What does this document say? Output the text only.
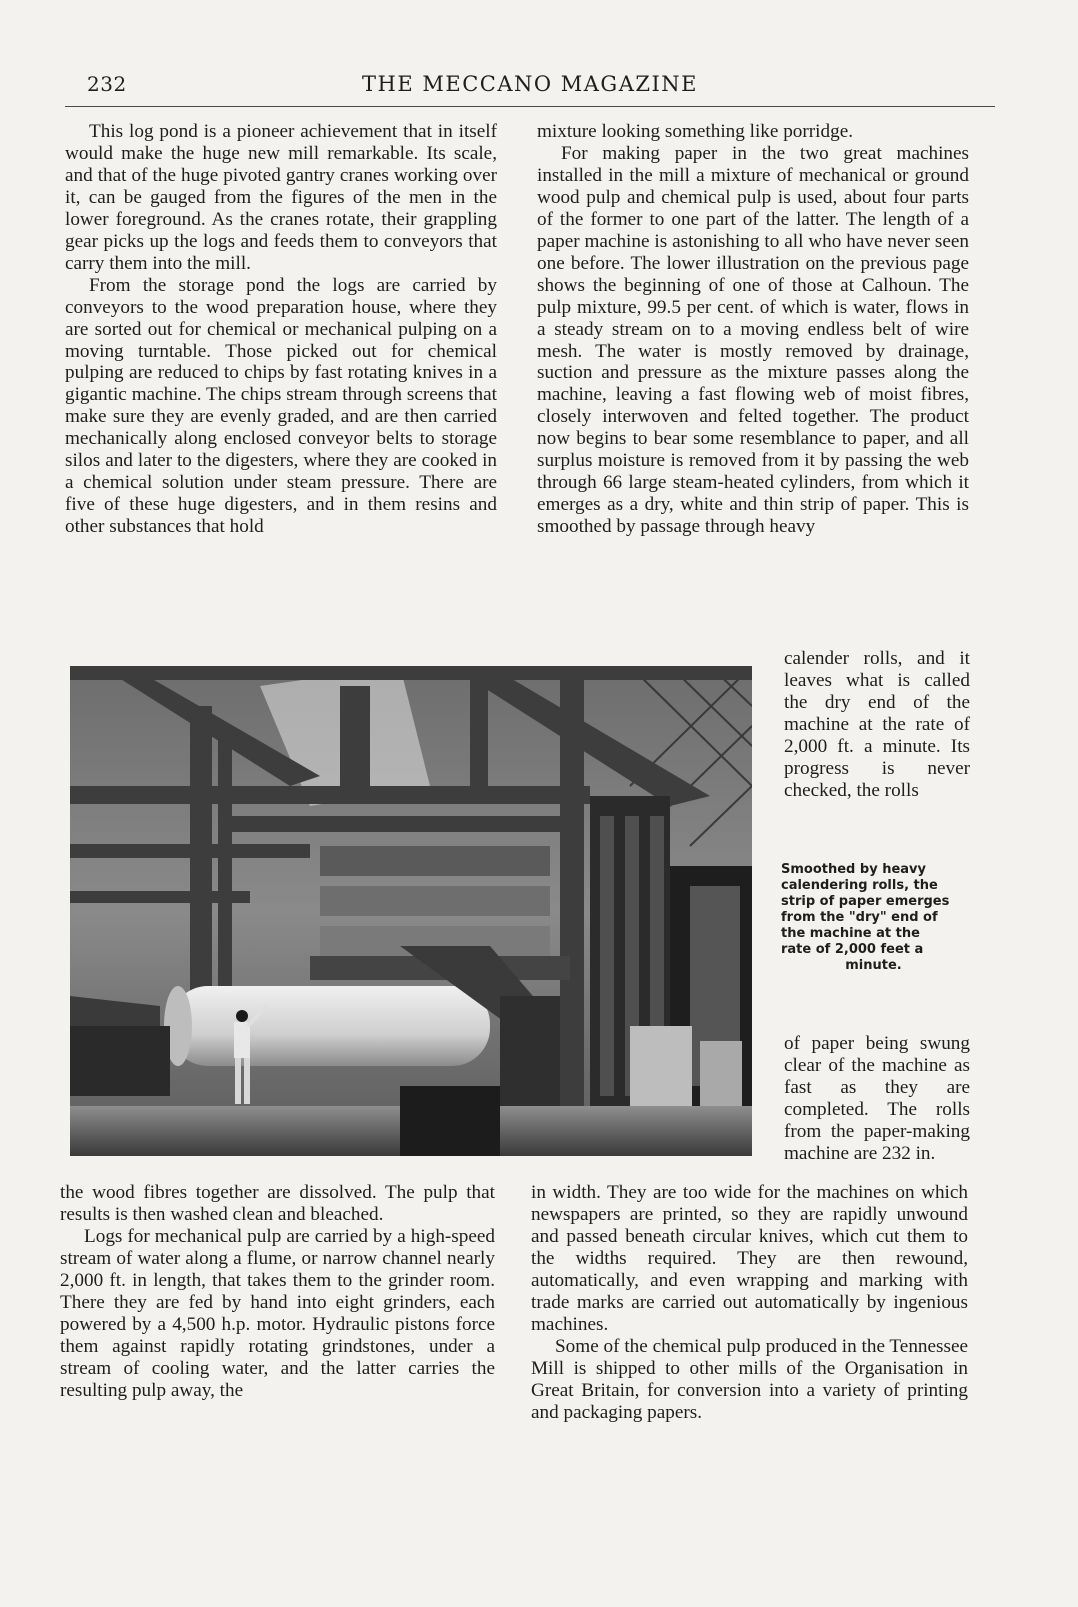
232	THE MECCANO MAGAZINE

This log pond is a pioneer achievement that in itself would make the huge new mill remarkable. Its scale, and that of the huge pivoted gantry cranes working over it, can be gauged from the figures of the men in the lower foreground. As the cranes rotate, their grappling gear picks up the logs and feeds them to conveyors that carry them into the mill.

From the storage pond the logs are carried by conveyors to the wood preparation house, where they are sorted out for chemical or mechanical pulping on a moving turntable. Those picked out for chemical pulping are reduced to chips by fast rotating knives in a gigantic machine. The chips stream through screens that make sure they are evenly graded, and are then carried mechanically along enclosed conveyor belts to storage silos and later to the digesters, where they are cooked in a chemical solution under steam pressure. There are five of these huge digesters, and in them resins and other substances that hold

mixture looking something like porridge.

For making paper in the two great machines installed in the mill a mixture of mechanical or ground wood pulp and chemical pulp is used, about four parts of the former to one part of the latter. The length of a paper machine is astonishing to all who have never seen one before. The lower illustration on the previous page shows the beginning of one of those at Calhoun. The pulp mixture, 99.5 per cent. of which is water, flows in a steady stream on to a moving endless belt of wire mesh. The water is mostly removed by drainage, suction and pressure as the mixture passes along the machine, leaving a fast flowing web of moist fibres, closely interwoven and felted together. The product now begins to bear some resemblance to paper, and all surplus moisture is removed from it by passing the web through 66 large steam-heated cylinders, from which it emerges as a dry, white and thin strip of paper. This is smoothed by passage through heavy

calender rolls, and it leaves what is called the dry end of the machine at the rate of 2,000 ft. a minute. Its progress is never checked, the rolls

Smoothed by heavy
calendering rolls, the
strip of paper emerges
from the "dry" end of
the machine at the
rate of 2,000 feet a
minute.

of paper being swung clear of the machine as fast as they are completed. The rolls from the paper-making machine are 232 in.

the wood fibres together are dissolved. The pulp that results is then washed clean and bleached.

Logs for mechanical pulp are carried by a high-speed stream of water along a flume, or narrow channel nearly 2,000 ft. in length, that takes them to the grinder room. There they are fed by hand into eight grinders, each powered by a 4,500 h.p. motor. Hydraulic pistons force them against rapidly rotating grindstones, under a stream of cooling water, and the latter carries the resulting pulp away, the

in width. They are too wide for the machines on which newspapers are printed, so they are rapidly unwound and passed beneath circular knives, which cut them to the widths required. They are then rewound, automatically, and even wrapping and marking with trade marks are carried out automatically by ingenious machines.

Some of the chemical pulp produced in the Tennessee Mill is shipped to other mills of the Organisation in Great Britain, for conversion into a variety of printing and packaging papers.
